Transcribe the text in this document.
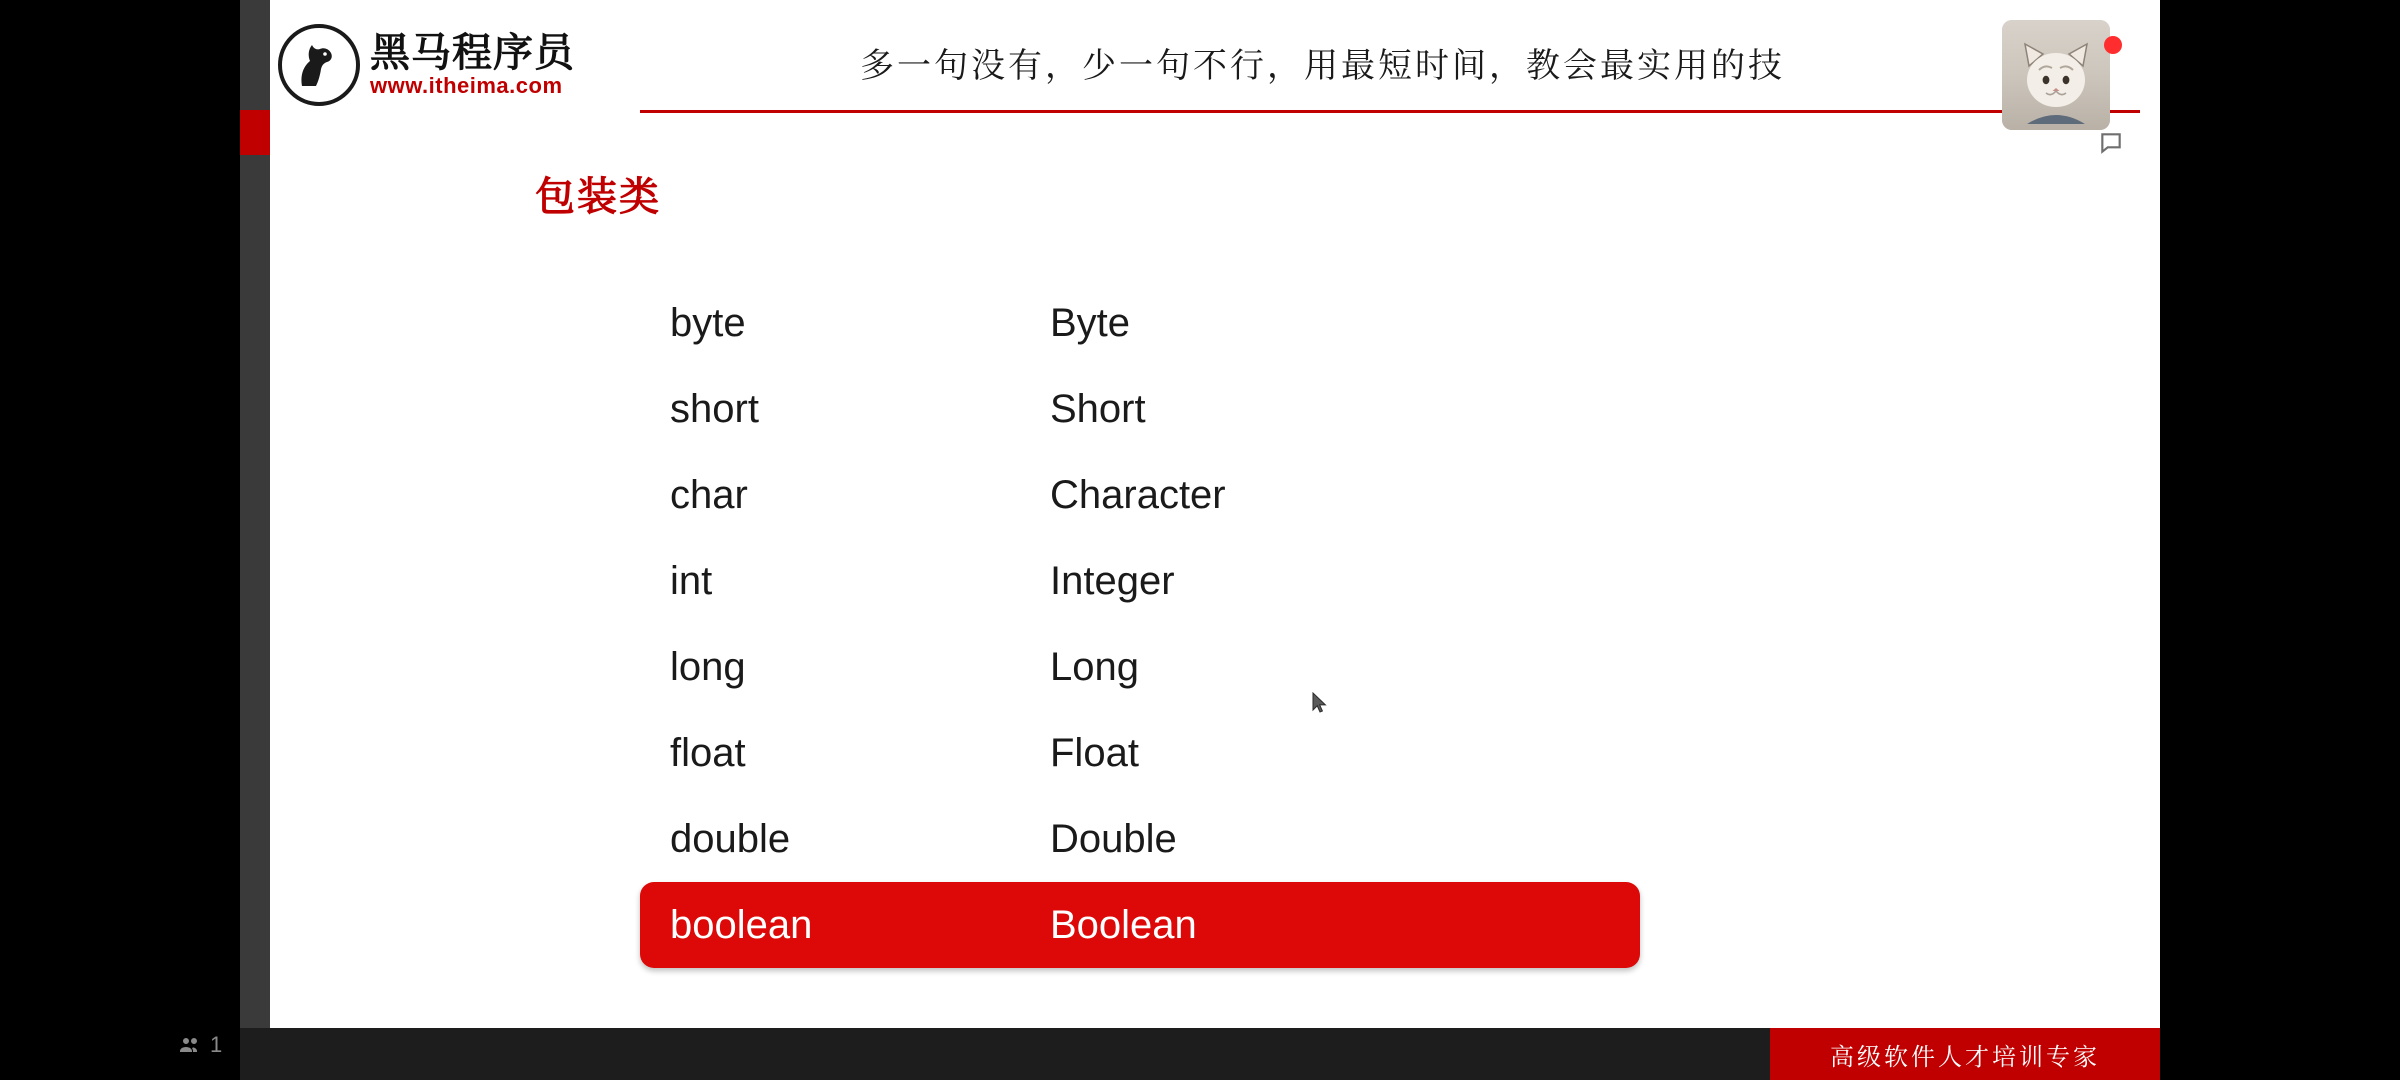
1
黑马程序员
www.itheima.com	多一句没有，少一句不行，用最短时间，教会最实用的技
包装类
byte	Byte
short	Short
char	Character
int	Integer
long	Long
float	Float
double	Double
boolean	Boolean
bilibili
高级软件人才培训专家
